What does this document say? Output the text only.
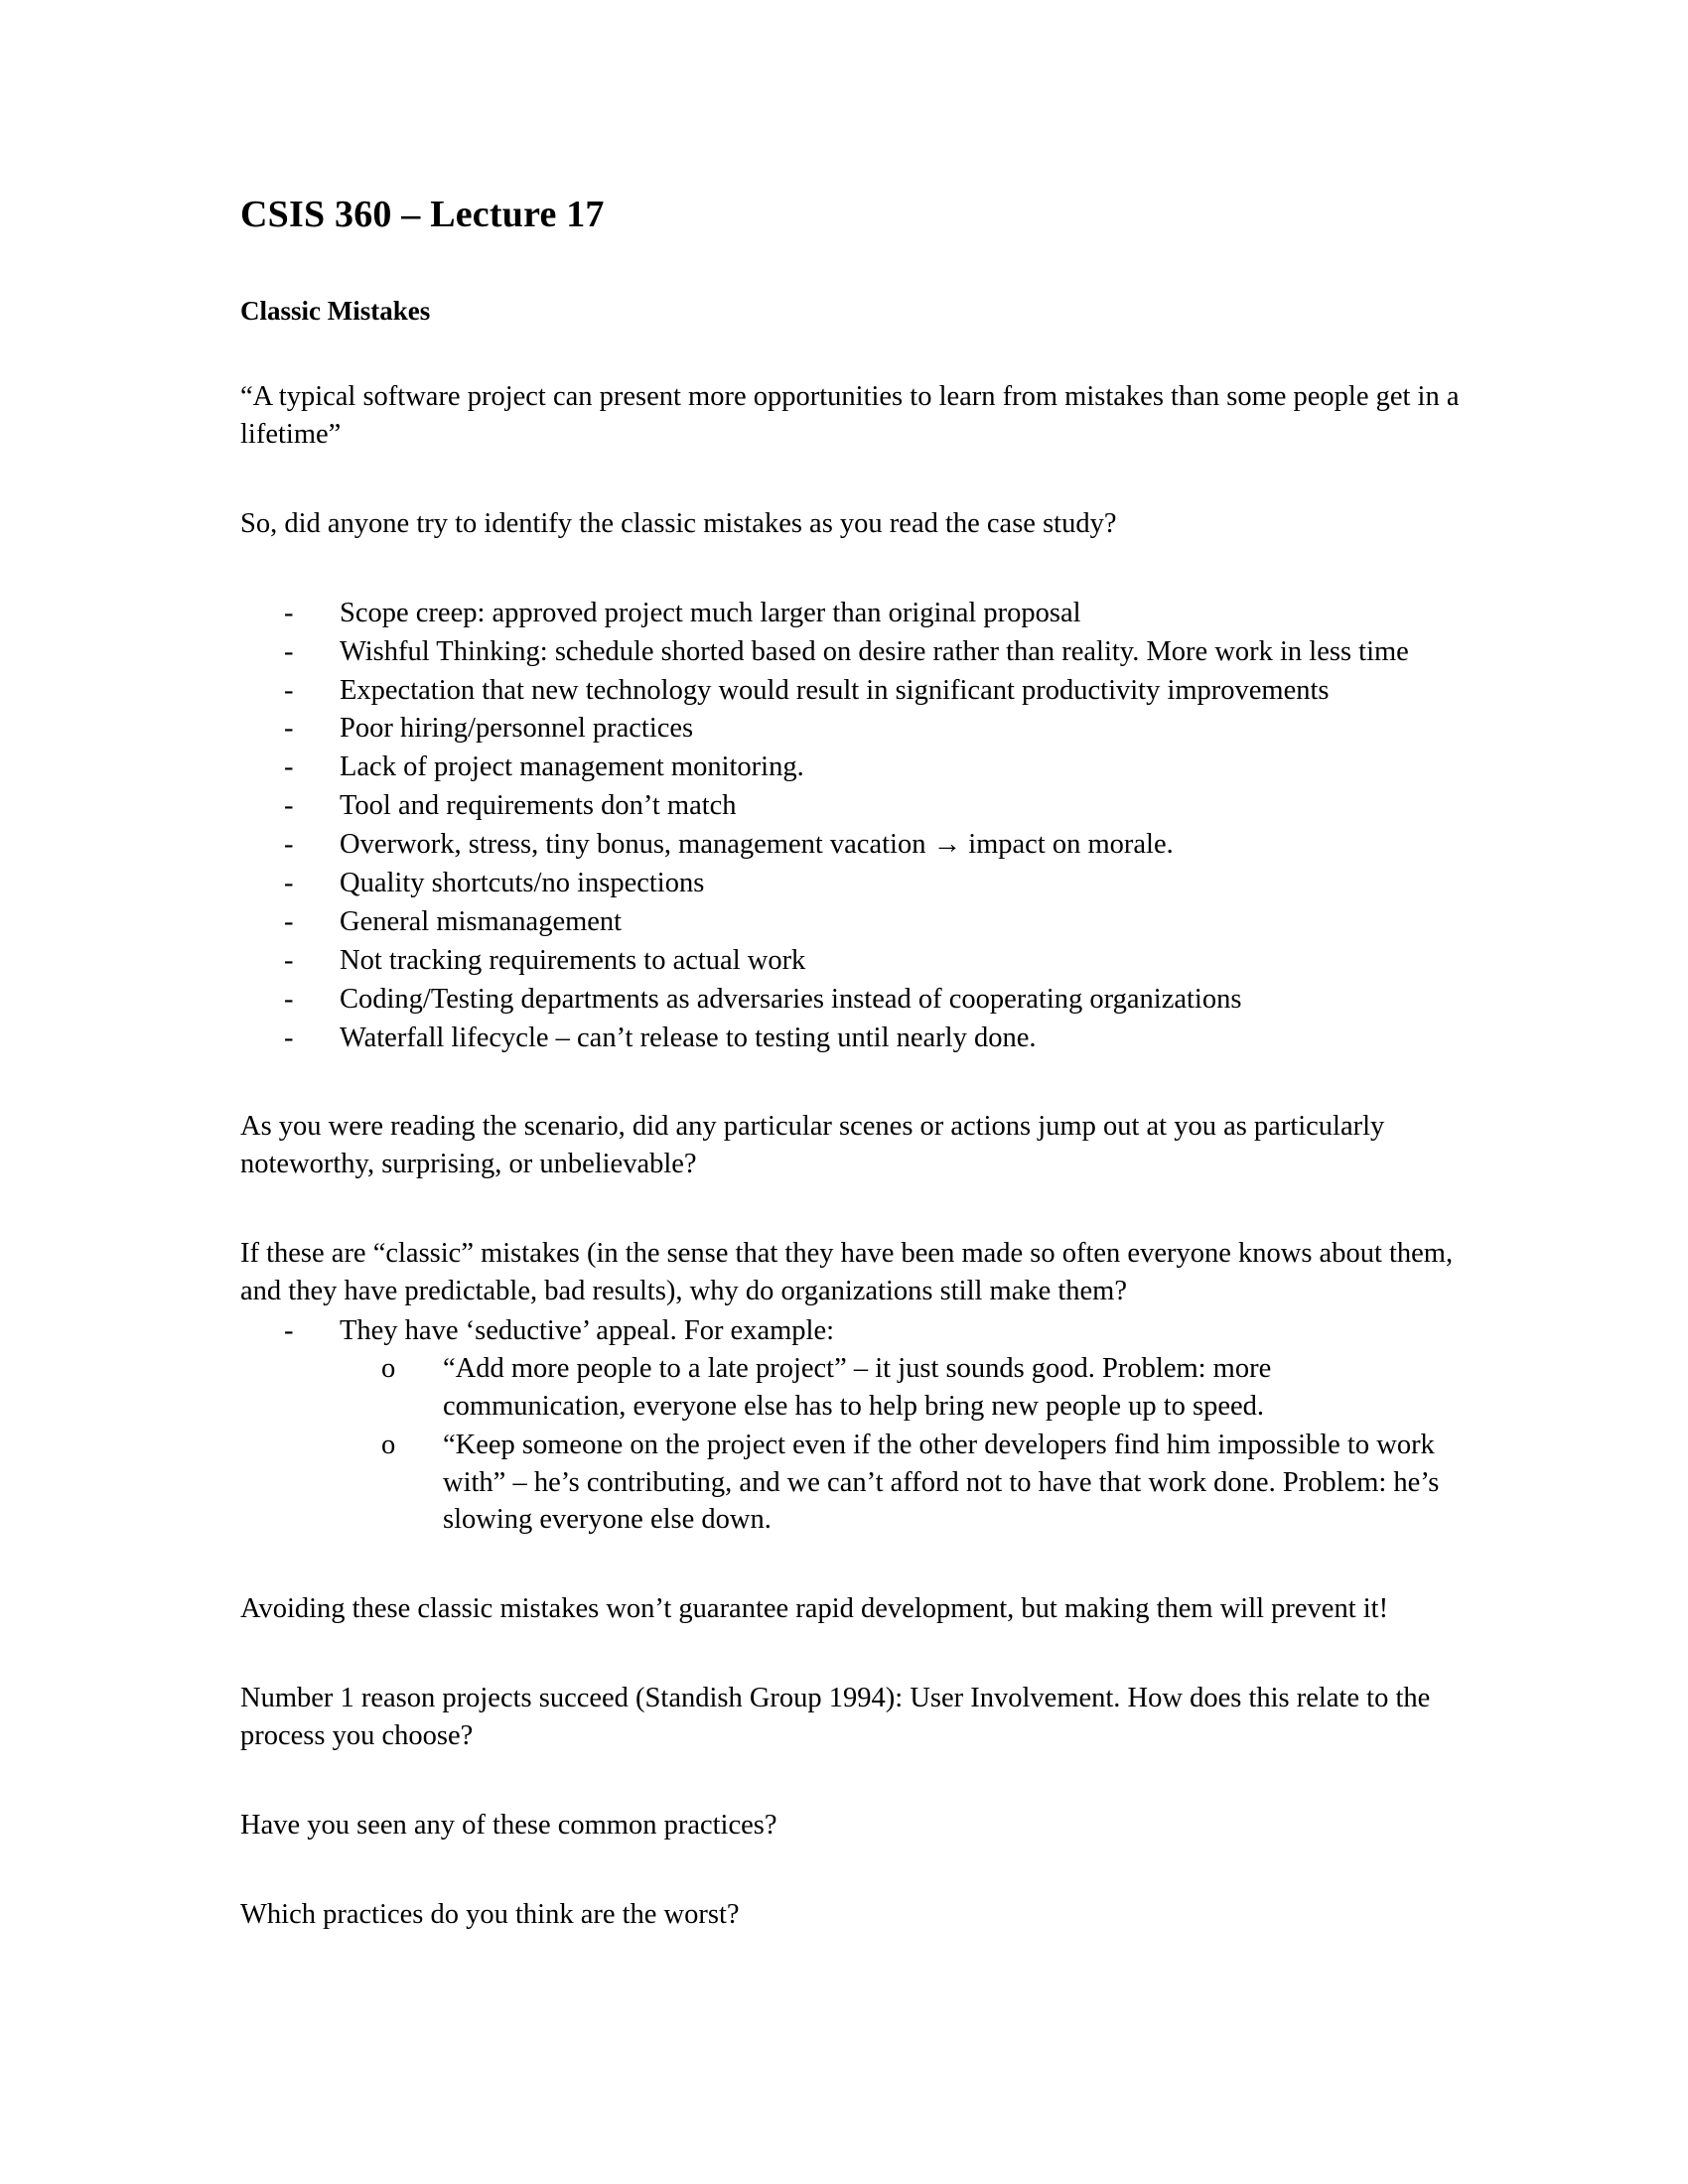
CSIS 360 – Lecture 17
Classic Mistakes

“A typical software project can present more opportunities to learn from mistakes than some people get in a lifetime”

So, did anyone try to identify the classic mistakes as you read the case study?

- Scope creep: approved project much larger than original proposal
- Wishful Thinking: schedule shorted based on desire rather than reality. More work in less time
- Expectation that new technology would result in significant productivity improvements
- Poor hiring/personnel practices
- Lack of project management monitoring.
- Tool and requirements don’t match
- Overwork, stress, tiny bonus, management vacation → impact on morale.
- Quality shortcuts/no inspections
- General mismanagement
- Not tracking requirements to actual work
- Coding/Testing departments as adversaries instead of cooperating organizations
- Waterfall lifecycle – can’t release to testing until nearly done.

As you were reading the scenario, did any particular scenes or actions jump out at you as particularly noteworthy, surprising, or unbelievable?

If these are “classic” mistakes (in the sense that they have been made so often everyone knows about them, and they have predictable, bad results), why do organizations still make them?

- They have ‘seductive’ appeal. For example:
o “Add more people to a late project” – it just sounds good. Problem: more communication, everyone else has to help bring new people up to speed.
o “Keep someone on the project even if the other developers find him impossible to work with” – he’s contributing, and we can’t afford not to have that work done. Problem: he’s slowing everyone else down.

Avoiding these classic mistakes won’t guarantee rapid development, but making them will prevent it!

Number 1 reason projects succeed (Standish Group 1994): User Involvement. How does this relate to the process you choose?

Have you seen any of these common practices?

Which practices do you think are the worst?
